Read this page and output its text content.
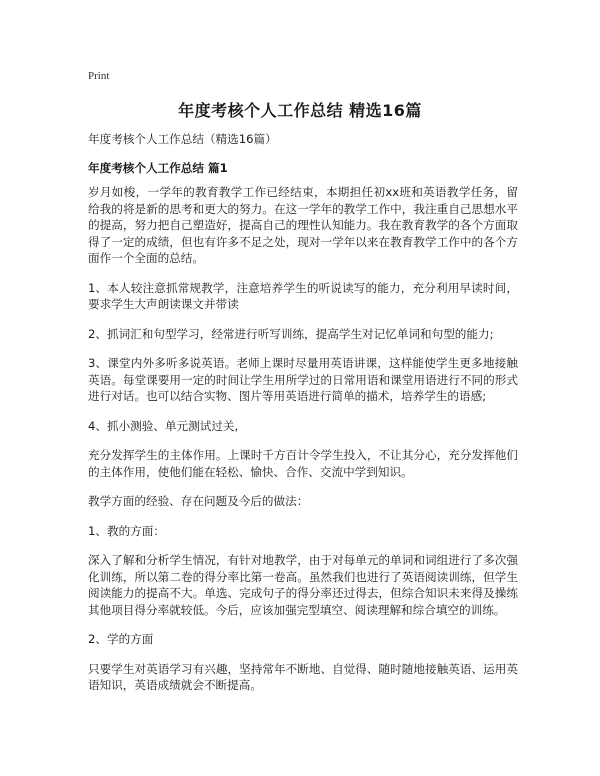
Print
年度考核个人工作总结 精选16篇

年度考核个人工作总结（精选16篇）

年度考核个人工作总结 篇1

岁月如梭，一学年的教育教学工作已经结束，本期担任初xx班和英语教学任务，留给我的将是新的思考和更大的努力。在这一学年的教学工作中，我注重自己思想水平的提高，努力把自己塑造好，提高自己的理性认知能力。我在教育教学的各个方面取得了一定的成绩，但也有许多不足之处，现对一学年以来在教育教学工作中的各个方面作一个全面的总结。

1、本人较注意抓常规教学，注意培养学生的听说读写的能力，充分利用早读时间，要求学生大声朗读课文并带读

2、抓词汇和句型学习，经常进行听写训练，提高学生对记忆单词和句型的能力;

3、课堂内外多听多说英语。老师上课时尽量用英语讲课，这样能使学生更多地接触英语。每堂课要用一定的时间让学生用所学过的日常用语和课堂用语进行不同的形式进行对话。也可以结合实物、图片等用英语进行简单的描术，培养学生的语感;

4、抓小测验、单元测试过关,

充分发挥学生的主体作用。上课时千方百计令学生投入，不让其分心，充分发挥他们的主体作用，使他们能在轻松、愉快、合作、交流中学到知识。

教学方面的经验、存在问题及今后的做法：

1、教的方面：

深入了解和分析学生情况，有针对地教学，由于对每单元的单词和词组进行了多次强化训练，所以第二卷的得分率比第一卷高。虽然我们也进行了英语阅读训练，但学生阅读能力的提高不大。单选、完成句子的得分率还过得去，但综合知识未来得及操练其他项目得分率就较低。今后，应该加强完型填空、阅读理解和综合填空的训练。

2、学的方面

只要学生对英语学习有兴趣，坚持常年不断地、自觉得、随时随地接触英语、运用英语知识，英语成绩就会不断提高。
